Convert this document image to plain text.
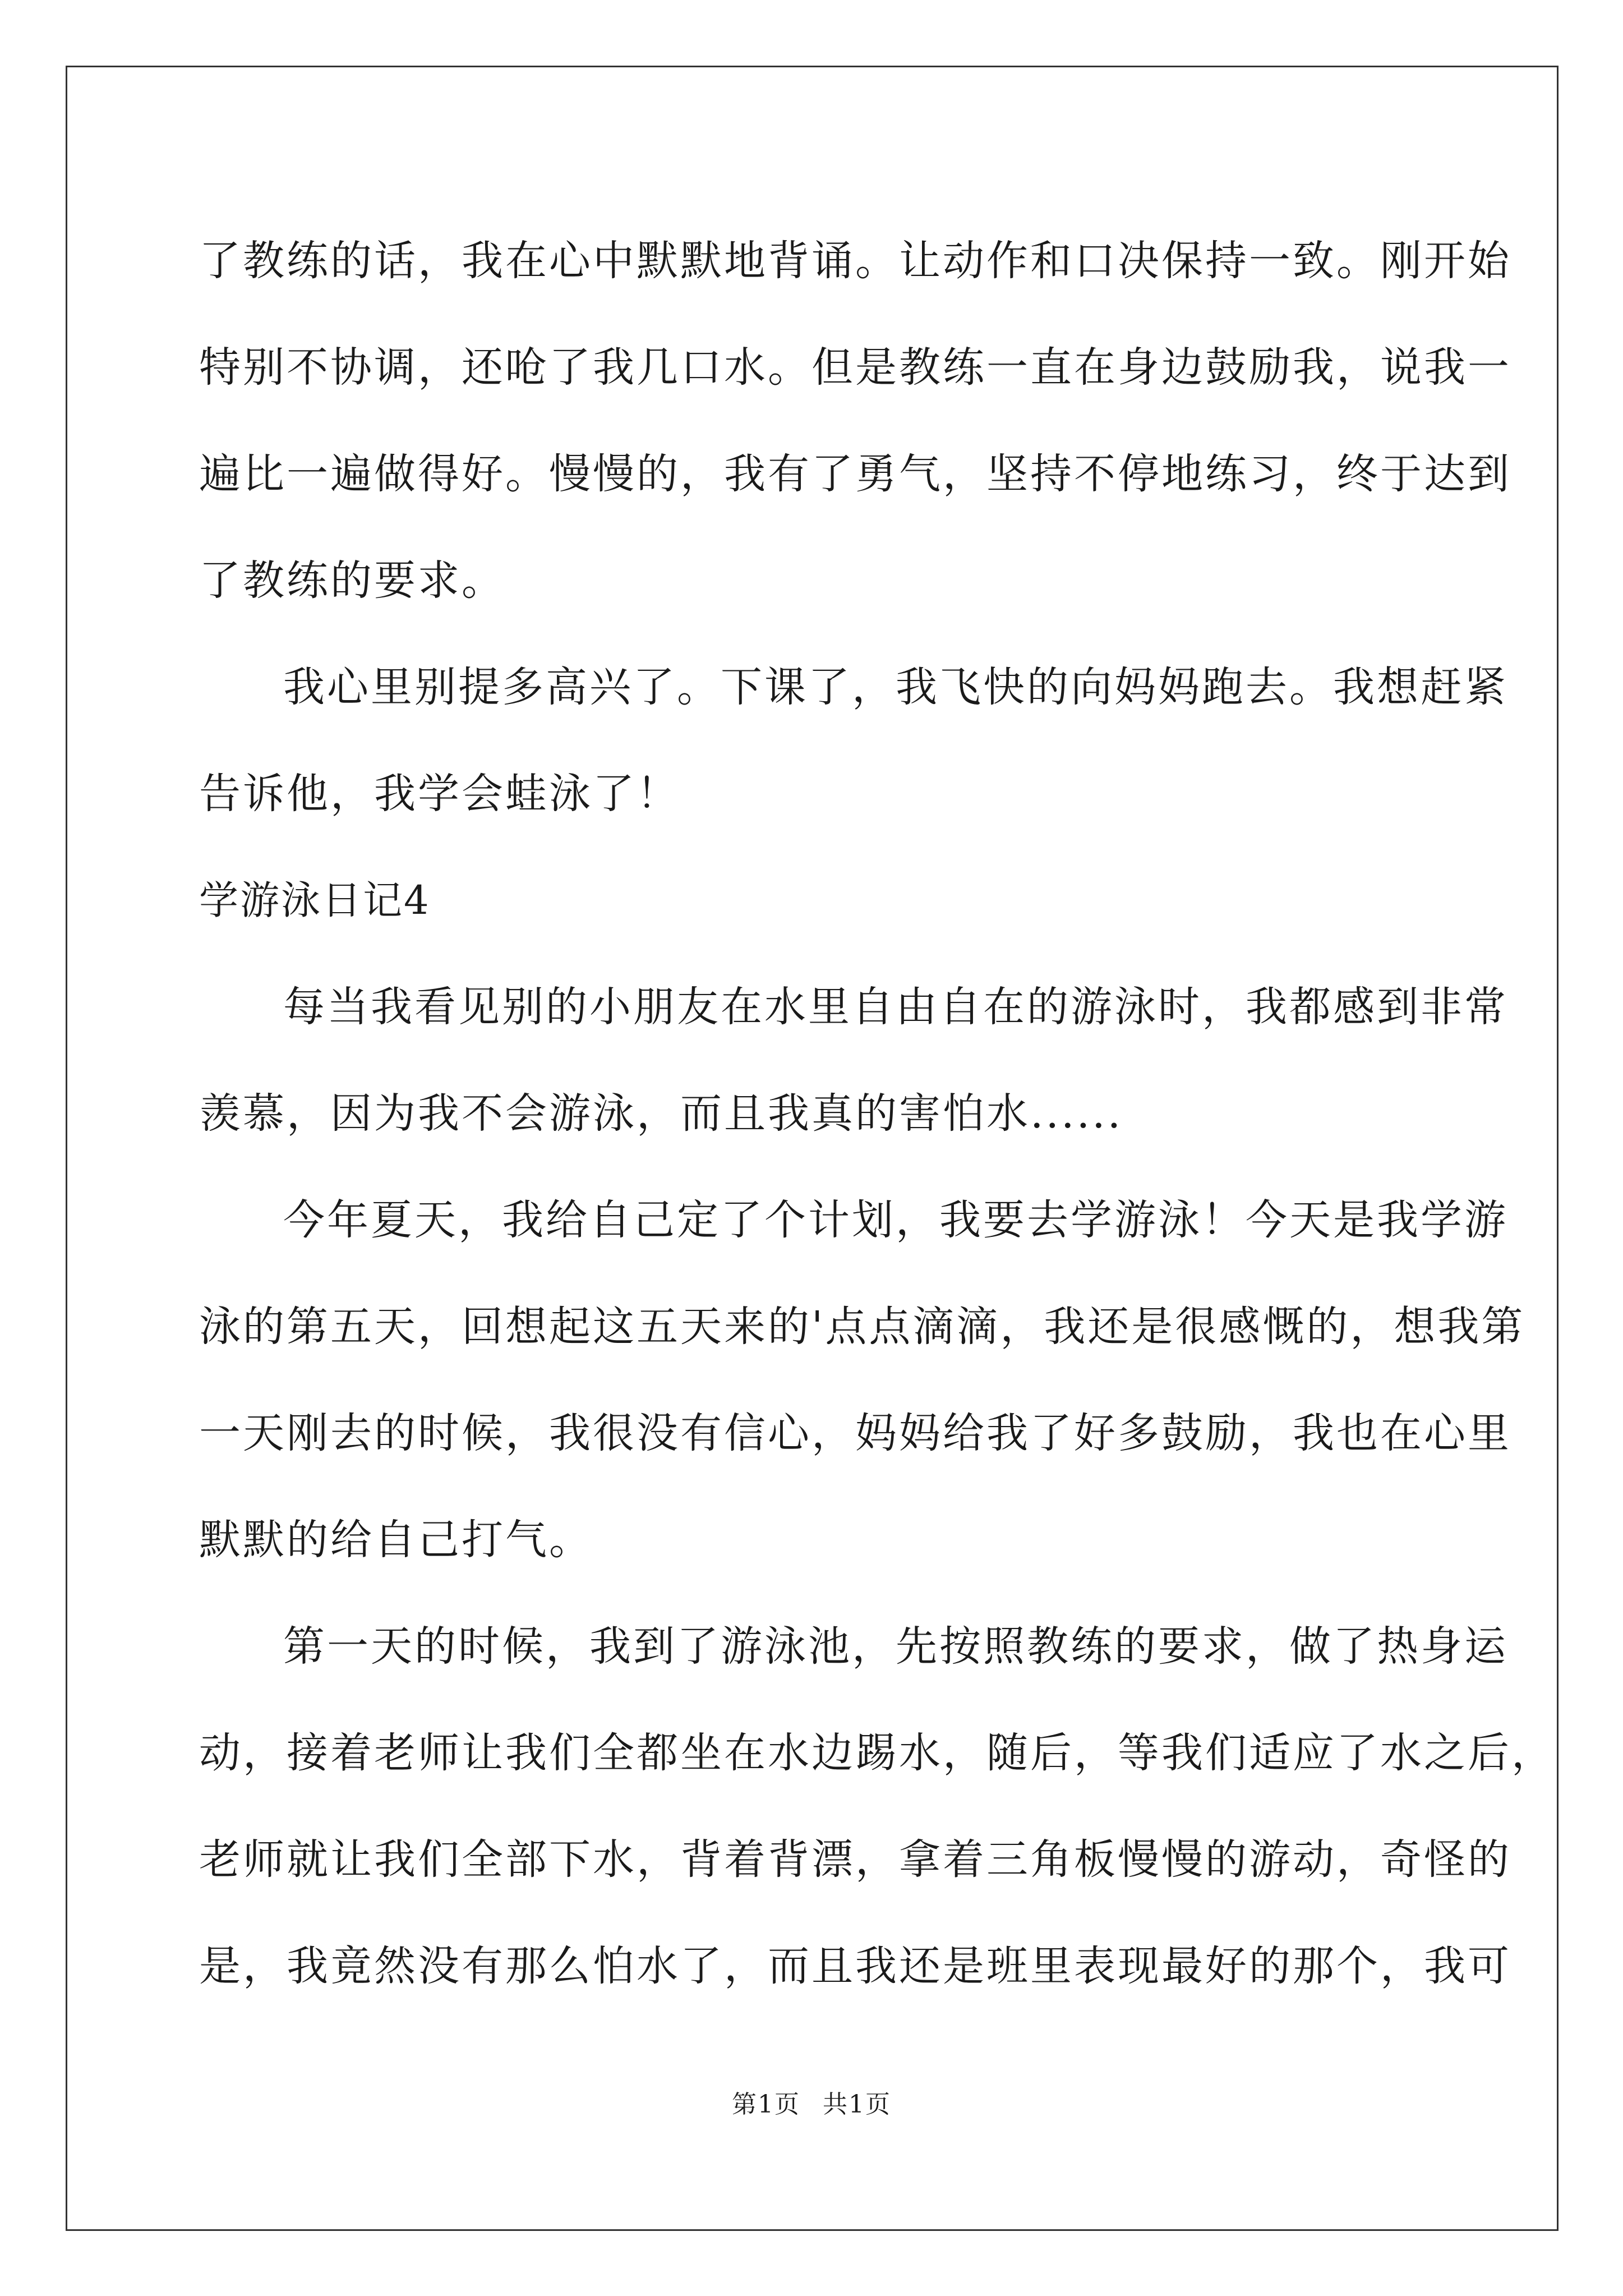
了教练的话，我在心中默默地背诵。让动作和口决保持一致。刚开始
特别不协调，还呛了我几口水。但是教练一直在身边鼓励我，说我一
遍比一遍做得好。慢慢的，我有了勇气，坚持不停地练习，终于达到
了教练的要求。
我心里别提多高兴了。下课了，我飞快的向妈妈跑去。我想赶紧
告诉他，我学会蛙泳了！
学游泳日记4
每当我看见别的小朋友在水里自由自在的游泳时，我都感到非常
羡慕，因为我不会游泳，而且我真的害怕水......
今年夏天，我给自己定了个计划，我要去学游泳！今天是我学游
泳的第五天，回想起这五天来的'点点滴滴，我还是很感慨的，想我第
一天刚去的时候，我很没有信心，妈妈给我了好多鼓励，我也在心里
默默的给自己打气。
第一天的时候，我到了游泳池，先按照教练的要求，做了热身运
动，接着老师让我们全都坐在水边踢水，随后，等我们适应了水之后，
老师就让我们全部下水，背着背漂，拿着三角板慢慢的游动，奇怪的
是，我竟然没有那么怕水了，而且我还是班里表现最好的那个，我可
第1页 共1页
